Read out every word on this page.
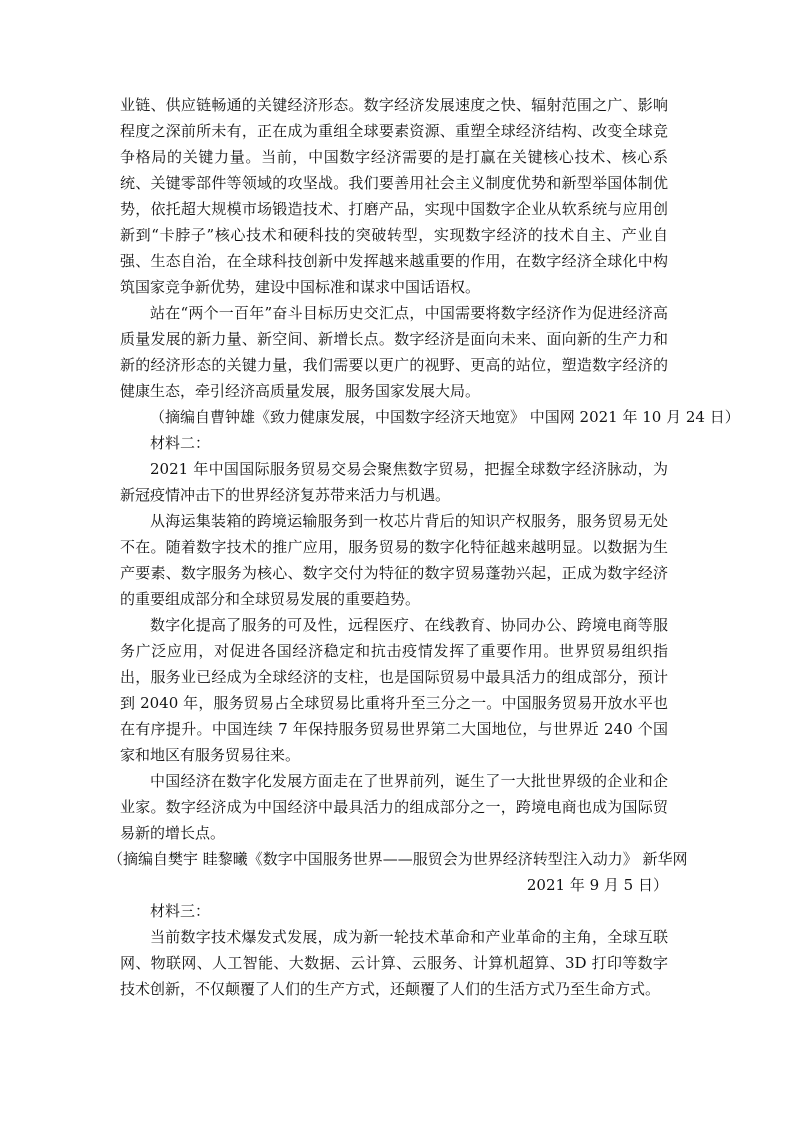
业链、供应链畅通的关键经济形态。数字经济发展速度之快、辐射范围之广、影响程度之深前所未有，正在成为重组全球要素资源、重塑全球经济结构、改变全球竞争格局的关键力量。当前，中国数字经济需要的是打赢在关键核心技术、核心系统、关键零部件等领域的攻坚战。我们要善用社会主义制度优势和新型举国体制优势，依托超大规模市场锻造技术、打磨产品，实现中国数字企业从软系统与应用创新到“卡脖子”核心技术和硬科技的突破转型，实现数字经济的技术自主、产业自强、生态自治，在全球科技创新中发挥越来越重要的作用，在数字经济全球化中构筑国家竞争新优势，建设中国标准和谋求中国话语权。

站在“两个一百年”奋斗目标历史交汇点，中国需要将数字经济作为促进经济高质量发展的新力量、新空间、新增长点。数字经济是面向未来、面向新的生产力和新的经济形态的关键力量，我们需要以更广的视野、更高的站位，塑造数字经济的健康生态，牵引经济高质量发展，服务国家发展大局。

（摘编自曹钟雄《致力健康发展，中国数字经济天地宽》 中国网 2021 年 10 月 24 日）

材料二：

2021 年中国国际服务贸易交易会聚焦数字贸易，把握全球数字经济脉动，为新冠疫情冲击下的世界经济复苏带来活力与机遇。

从海运集装箱的跨境运输服务到一枚芯片背后的知识产权服务，服务贸易无处不在。随着数字技术的推广应用，服务贸易的数字化特征越来越明显。以数据为生产要素、数字服务为核心、数字交付为特征的数字贸易蓬勃兴起，正成为数字经济的重要组成部分和全球贸易发展的重要趋势。

数字化提高了服务的可及性，远程医疗、在线教育、协同办公、跨境电商等服务广泛应用，对促进各国经济稳定和抗击疫情发挥了重要作用。世界贸易组织指出，服务业已经成为全球经济的支柱，也是国际贸易中最具活力的组成部分，预计到 2040 年，服务贸易占全球贸易比重将升至三分之一。中国服务贸易开放水平也在有序提升。中国连续 7 年保持服务贸易世界第二大国地位，与世界近 240 个国家和地区有服务贸易往来。

中国经济在数字化发展方面走在了世界前列，诞生了一大批世界级的企业和企业家。数字经济成为中国经济中最具活力的组成部分之一，跨境电商也成为国际贸易新的增长点。

（摘编自樊宇 眭黎曦《数字中国服务世界——服贸会为世界经济转型注入动力》 新华网

2021 年 9 月 5 日）

材料三：

当前数字技术爆发式发展，成为新一轮技术革命和产业革命的主角，全球互联网、物联网、人工智能、大数据、云计算、云服务、计算机超算、3D 打印等数字技术创新，不仅颠覆了人们的生产方式，还颠覆了人们的生活方式乃至生命方式。
